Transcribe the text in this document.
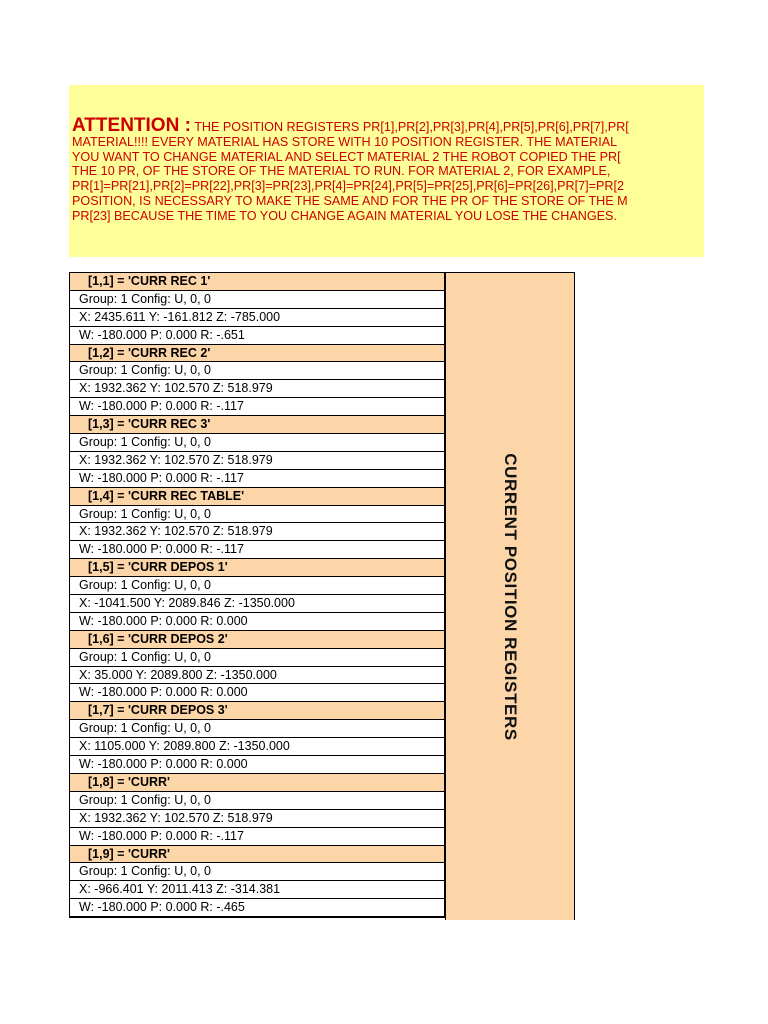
ATTENTION : THE POSITION REGISTERS PR[1],PR[2],PR[3],PR[4],PR[5],PR[6],PR[7],PR[
MATERIAL!!!! EVERY MATERIAL HAS STORE WITH 10 POSITION REGISTER. THE MATERIAL
YOU WANT TO CHANGE MATERIAL AND SELECT MATERIAL 2 THE ROBOT COPIED THE PR[
THE 10 PR, OF THE STORE OF THE MATERIAL TO RUN. FOR MATERIAL 2, FOR EXAMPLE,
PR[1]=PR[21],PR[2]=PR[22],PR[3]=PR[23],PR[4]=PR[24],PR[5]=PR[25],PR[6]=PR[26],PR[7]=PR[2
POSITION, IS NECESSARY TO MAKE THE SAME AND FOR THE PR OF THE STORE OF THE M
PR[23] BECAUSE THE TIME TO YOU CHANGE AGAIN MATERIAL YOU LOSE THE CHANGES.
[1,1] = 'CURR REC 1'
Group: 1 Config: U, 0, 0
X: 2435.611 Y: -161.812 Z: -785.000
W: -180.000 P: 0.000 R: -.651
[1,2] = 'CURR REC 2'
Group: 1 Config: U, 0, 0
X: 1932.362 Y: 102.570 Z: 518.979
W: -180.000 P: 0.000 R: -.117
[1,3] = 'CURR REC 3'
Group: 1 Config: U, 0, 0
X: 1932.362 Y: 102.570 Z: 518.979
W: -180.000 P: 0.000 R: -.117
[1,4] = 'CURR REC TABLE'
Group: 1 Config: U, 0, 0
X: 1932.362 Y: 102.570 Z: 518.979
W: -180.000 P: 0.000 R: -.117
[1,5] = 'CURR DEPOS 1'
Group: 1 Config: U, 0, 0
X: -1041.500 Y: 2089.846 Z: -1350.000
W: -180.000 P: 0.000 R: 0.000
[1,6] = 'CURR DEPOS 2'
Group: 1 Config: U, 0, 0
X: 35.000 Y: 2089.800 Z: -1350.000
W: -180.000 P: 0.000 R: 0.000
[1,7] = 'CURR DEPOS 3'
Group: 1 Config: U, 0, 0
X: 1105.000 Y: 2089.800 Z: -1350.000
W: -180.000 P: 0.000 R: 0.000
[1,8] = 'CURR'
Group: 1 Config: U, 0, 0
X: 1932.362 Y: 102.570 Z: 518.979
W: -180.000 P: 0.000 R: -.117
[1,9] = 'CURR'
Group: 1 Config: U, 0, 0
X: -966.401 Y: 2011.413 Z: -314.381
W: -180.000 P: 0.000 R: -.465
CURRENT POSITION REGISTERS
